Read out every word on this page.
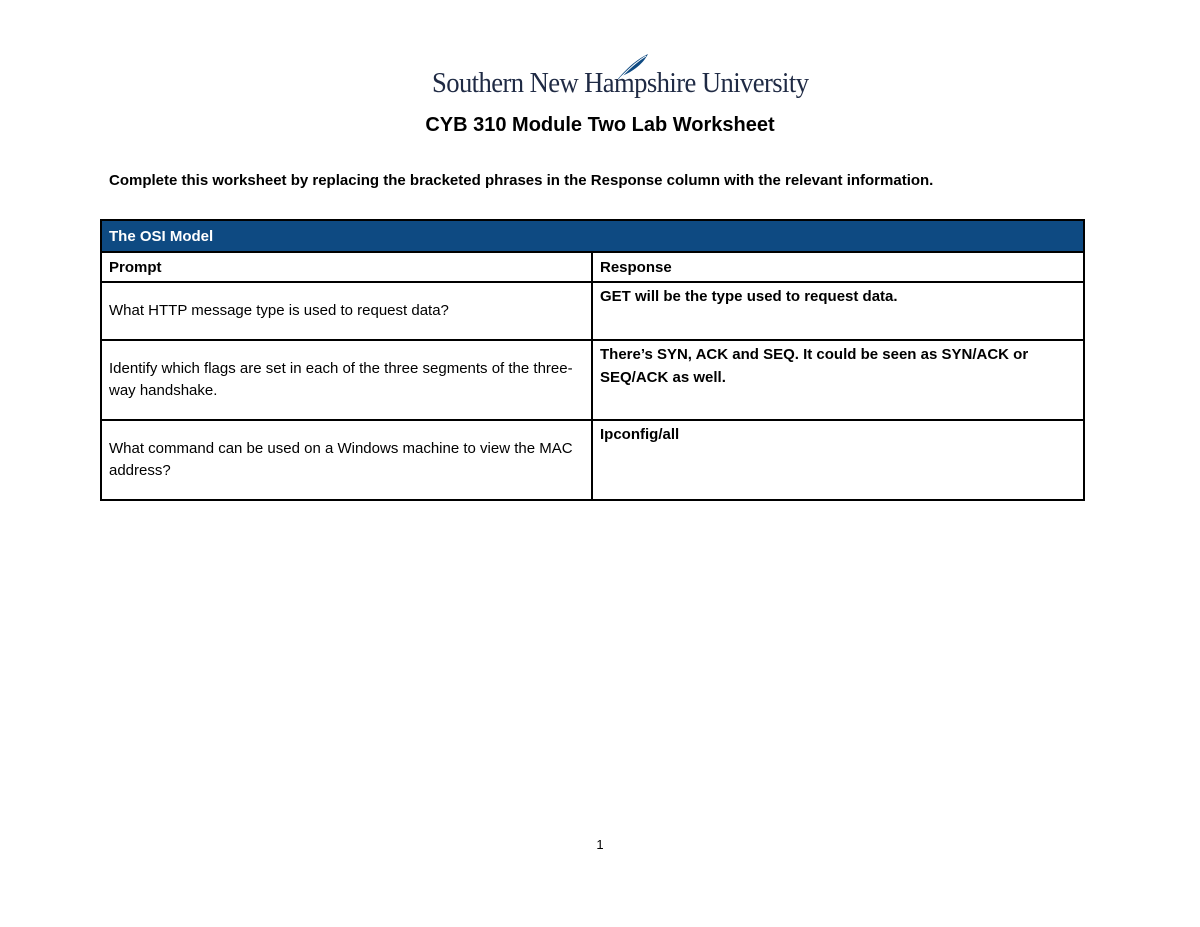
Southern New Hampshire University
CYB 310 Module Two Lab Worksheet
Complete this worksheet by replacing the bracketed phrases in the Response column with the relevant information.
The OSI Model	
Prompt	Response
What HTTP message type is used to request data?	GET will be the type used to request data.
Identify which flags are set in each of the three segments of the three-way handshake.	There’s SYN, ACK and SEQ. It could be seen as SYN/ACK or SEQ/ACK as well.
What command can be used on a Windows machine to view the MAC address?	Ipconfig/all
1
